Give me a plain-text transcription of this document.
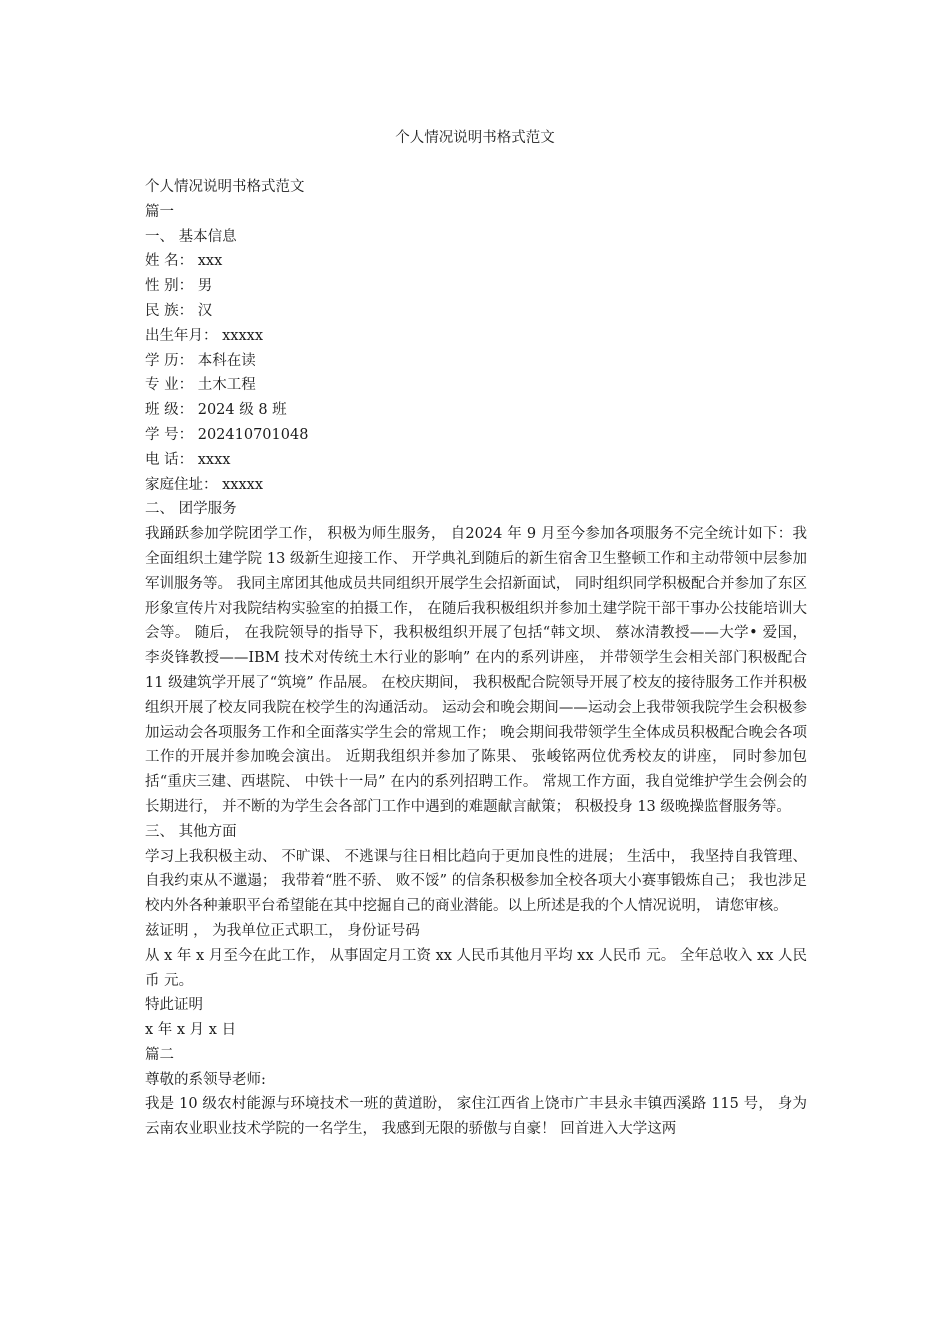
个人情况说明书格式范文

个人情况说明书格式范文

篇一

一、 基本信息

姓 名： xxx

性 别： 男

民 族： 汉

出生年月： xxxxx

学 历： 本科在读

专 业： 土木工程

班 级： 2024 级 8 班

学 号： 202410701048

电 话： xxxx

家庭住址： xxxxx

二、 团学服务

我踊跃参加学院团学工作， 积极为师生服务， 自2024 年 9 月至今参加各项服务不完全统计如下：我全面组织土建学院 13 级新生迎接工作、 开学典礼到随后的新生宿舍卫生整顿工作和主动带领中层参加军训服务等。 我同主席团其他成员共同组织开展学生会招新面试， 同时组织同学积极配合并参加了东区形象宣传片对我院结构实验室的拍摄工作， 在随后我积极组织并参加土建学院干部干事办公技能培训大会等。 随后， 在我院领导的指导下，我积极组织开展了包括“韩文坝、 蔡冰清教授——大学• 爱国， 李炎锋教授——IBM 技术对传统土木行业的影响” 在内的系列讲座， 并带领学生会相关部门积极配合 11 级建筑学开展了“筑境” 作品展。 在校庆期间， 我积极配合院领导开展了校友的接待服务工作并积极组织开展了校友同我院在校学生的沟通活动。 运动会和晚会期间——运动会上我带领我院学生会积极参加运动会各项服务工作和全面落实学生会的常规工作； 晚会期间我带领学生全体成员积极配合晚会各项工作的开展并参加晚会演出。 近期我组织并参加了陈果、 张峻铭两位优秀校友的讲座， 同时参加包括“重庆三建、西堪院、 中铁十一局” 在内的系列招聘工作。 常规工作方面，我自觉维护学生会例会的长期进行， 并不断的为学生会各部门工作中遇到的难题献言献策； 积极投身 13 级晚操监督服务等。

三、 其他方面

学习上我积极主动、 不旷课、 不逃课与往日相比趋向于更加良性的进展； 生活中， 我坚持自我管理、 自我约束从不邋遢； 我带着“胜不骄、 败不馁” 的信条积极参加全校各项大小赛事锻炼自己； 我也涉足校内外各种兼职平台希望能在其中挖掘自己的商业潜能。以上所述是我的个人情况说明， 请您审核。

兹证明 ， 为我单位正式职工， 身份证号码

从 x 年 x 月至今在此工作， 从事固定月工资 xx 人民币其他月平均 xx 人民币 元。 全年总收入 xx 人民币 元。

特此证明

x 年 x 月 x 日

篇二

尊敬的系领导老师:

我是 10 级农村能源与环境技术一班的黄道盼， 家住江西省上饶市广丰县永丰镇西溪路 115 号， 身为云南农业职业技术学院的一名学生， 我感到无限的骄傲与自豪！ 回首进入大学这两
